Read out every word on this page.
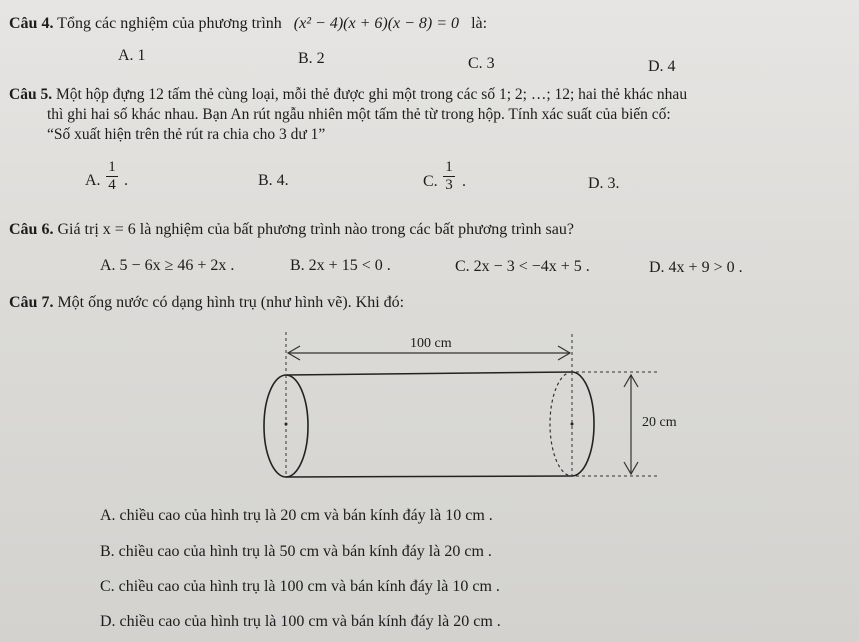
Câu 4. Tổng các nghiệm của phương trình (x² − 4)(x + 6)(x − 8) = 0 là:
A. 1	B. 2	C. 3	D. 4
Câu 5. Một hộp đựng 12 tấm thẻ cùng loại, mỗi thẻ được ghi một trong các số 1; 2; …; 12; hai thẻ khác nhau
thì ghi hai số khác nhau. Bạn An rút ngẫu nhiên một tấm thẻ từ trong hộp. Tính xác suất của biến cố:
“Số xuất hiện trên thẻ rút ra chia cho 3 dư 1”
A.
1
4 .	B. 4.	C.
1
3 .	D. 3.
Câu 6. Giá trị x = 6 là nghiệm của bất phương trình nào trong các bất phương trình sau?
A. 5 − 6x ≥ 46 + 2x .	B. 2x + 15 < 0 .	C. 2x − 3 < −4x + 5 .	D. 4x + 9 > 0 .
Câu 7. Một ống nước có dạng hình trụ (như hình vẽ). Khi đó:
100 cm
20 cm
A. chiều cao của hình trụ là 20 cm và bán kính đáy là 10 cm .
B. chiều cao của hình trụ là 50 cm và bán kính đáy là 20 cm .
C. chiều cao của hình trụ là 100 cm và bán kính đáy là 10 cm .
D. chiều cao của hình trụ là 100 cm và bán kính đáy là 20 cm .
